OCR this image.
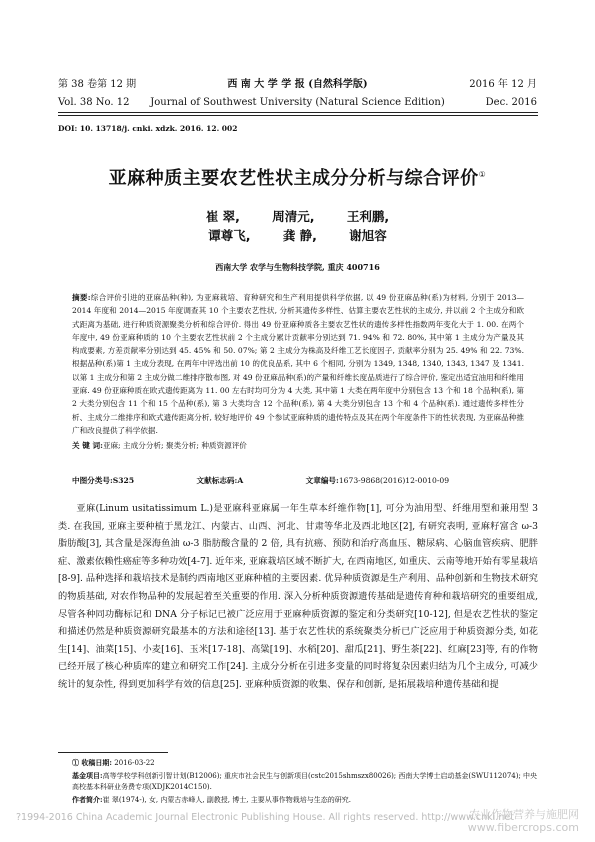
第 38 卷第 12 期	西 南 大 学 学 报 (自然科学版)	2016 年 12 月
Vol. 38 No. 12	Journal of Southwest University (Natural Science Edition)	Dec. 2016
DOI: 10. 13718/j. cnki. xdzk. 2016. 12. 002
亚麻种质主要农艺性状主成分分析与综合评价①
崔 翠,	周清元,	王利鹏,
谭尊飞,	龚 静,	谢旭容
西南大学 农学与生物科技学院, 重庆 400716
摘要:综合评价引进的亚麻品种(种), 为亚麻栽培、育种研究和生产利用提供科学依据, 以 49 份亚麻品种(系)为材料, 分别于 2013—2014 年度和 2014—2015 年度调查其 10 个主要农艺性状, 分析其遗传多样性、估算主要农艺性状的主成分, 并以前 2 个主成分和欧式距离为基础, 进行种质资源聚类分析和综合评价. 得出 49 份亚麻种质各主要农艺性状的遗传多样性指数两年变化大于 1. 00. 在两个年度中, 49 份亚麻种质的 10 个主要农艺性状前 2 个主成分累计贡献率分别达到 71. 94% 和 72. 80%, 其中第 1 主成分为产量及其构成要素, 方差贡献率分别达到 45. 45% 和 50. 07%; 第 2 主成分为株高及纤维工艺长度因子, 贡献率分别为 25. 49% 和 22. 73%. 根据品种(系)第 1 主成分表现, 在两年中评选出前 10 的优良品系, 其中 6 个相同, 分别为 1349, 1348, 1340, 1343, 1347 及 1341. 以第 1 主成分和第 2 主成分做二维排序散布图, 对 49 份亚麻品种(系)的产量和纤维长度品质进行了综合评价, 鉴定出适宜油用和纤维用亚麻. 49 份亚麻种质在欧式遗传距离为 11. 00 左右时均可分为 4 大类, 其中第 1 大类在两年度中分别包含 13 个和 18 个品种(系), 第 2 大类分别包含 11 个和 15 个品种(系), 第 3 大类均含 12 个品种(系), 第 4 大类分别包含 13 个和 4 个品种(系). 通过遗传多样性分析、主成分二维排序和欧式遗传距离分析, 较好地评价 49 个参试亚麻种质的遗传特点及其在两个年度条件下的性状表现, 为亚麻品种推广和改良提供了科学依据.
关 键 词:亚麻; 主成分分析; 聚类分析; 种质资源评价
中图分类号:S325	文献标志码:A	文章编号:1673-9868(2016)12-0010-09
亚麻(Linum usitatissimum L.)是亚麻科亚麻属一年生草本纤维作物[1], 可分为油用型、纤维用型和兼用型 3 类. 在我国, 亚麻主要种植于黑龙江、内蒙古、山西、河北、甘肃等华北及西北地区[2], 有研究表明, 亚麻籽富含 ω-3 脂肪酸[3], 其含量是深海鱼油 ω-3 脂肪酸含量的 2 倍, 具有抗癌、预防和治疗高血压、糖尿病、心脑血管疾病、肥胖症、激素依赖性癌症等多种功效[4-7]. 近年来, 亚麻栽培区域不断扩大, 在西南地区, 如重庆、云南等地开始有零星栽培[8-9]. 品种选择和栽培技术是制约西南地区亚麻种植的主要因素. 优异种质资源是生产利用、品种创新和生物技术研究的物质基础, 对农作物品种的发展起着至关重要的作用. 深入分析种质资源遗传基础是遗传育种和栽培研究的重要组成, 尽管各种同功酶标记和 DNA 分子标记已被广泛应用于亚麻种质资源的鉴定和分类研究[10-12], 但是农艺性状的鉴定和描述仍然是种质资源研究最基本的方法和途径[13]. 基于农艺性状的系统聚类分析已广泛应用于种质资源分类, 如花生[14]、油菜[15]、小麦[16]、玉米[17-18]、高粱[19]、水稻[20]、甜瓜[21]、野生茶[22]、红麻[23]等, 有的作物已经开展了核心种质库的建立和研究工作[24]. 主成分分析在引进多变量的同时将复杂因素归结为几个主成分, 可减少统计的复杂性, 得到更加科学有效的信息[25]. 亚麻种质资源的收集、保存和创新, 是拓展栽培种遗传基础和提
① 收稿日期: 2016-03-22
基金项目:高等学校学科创新引智计划(B12006); 重庆市社会民生与创新项目(cstc2015shmszx80026); 西南大学博士启动基金(SWU112074); 中央高校基本科研业务费专项(XDJK2014C150).
作者简介:崔 翠(1974-), 女, 内蒙古赤峰人, 副教授, 博士, 主要从事作物栽培与生态的研究.
?1994-2016 China Academic Journal Electronic Publishing House. All rights reserved. http://www.cnki.net
农业作物营养与施肥网
www.fibercrops.com
